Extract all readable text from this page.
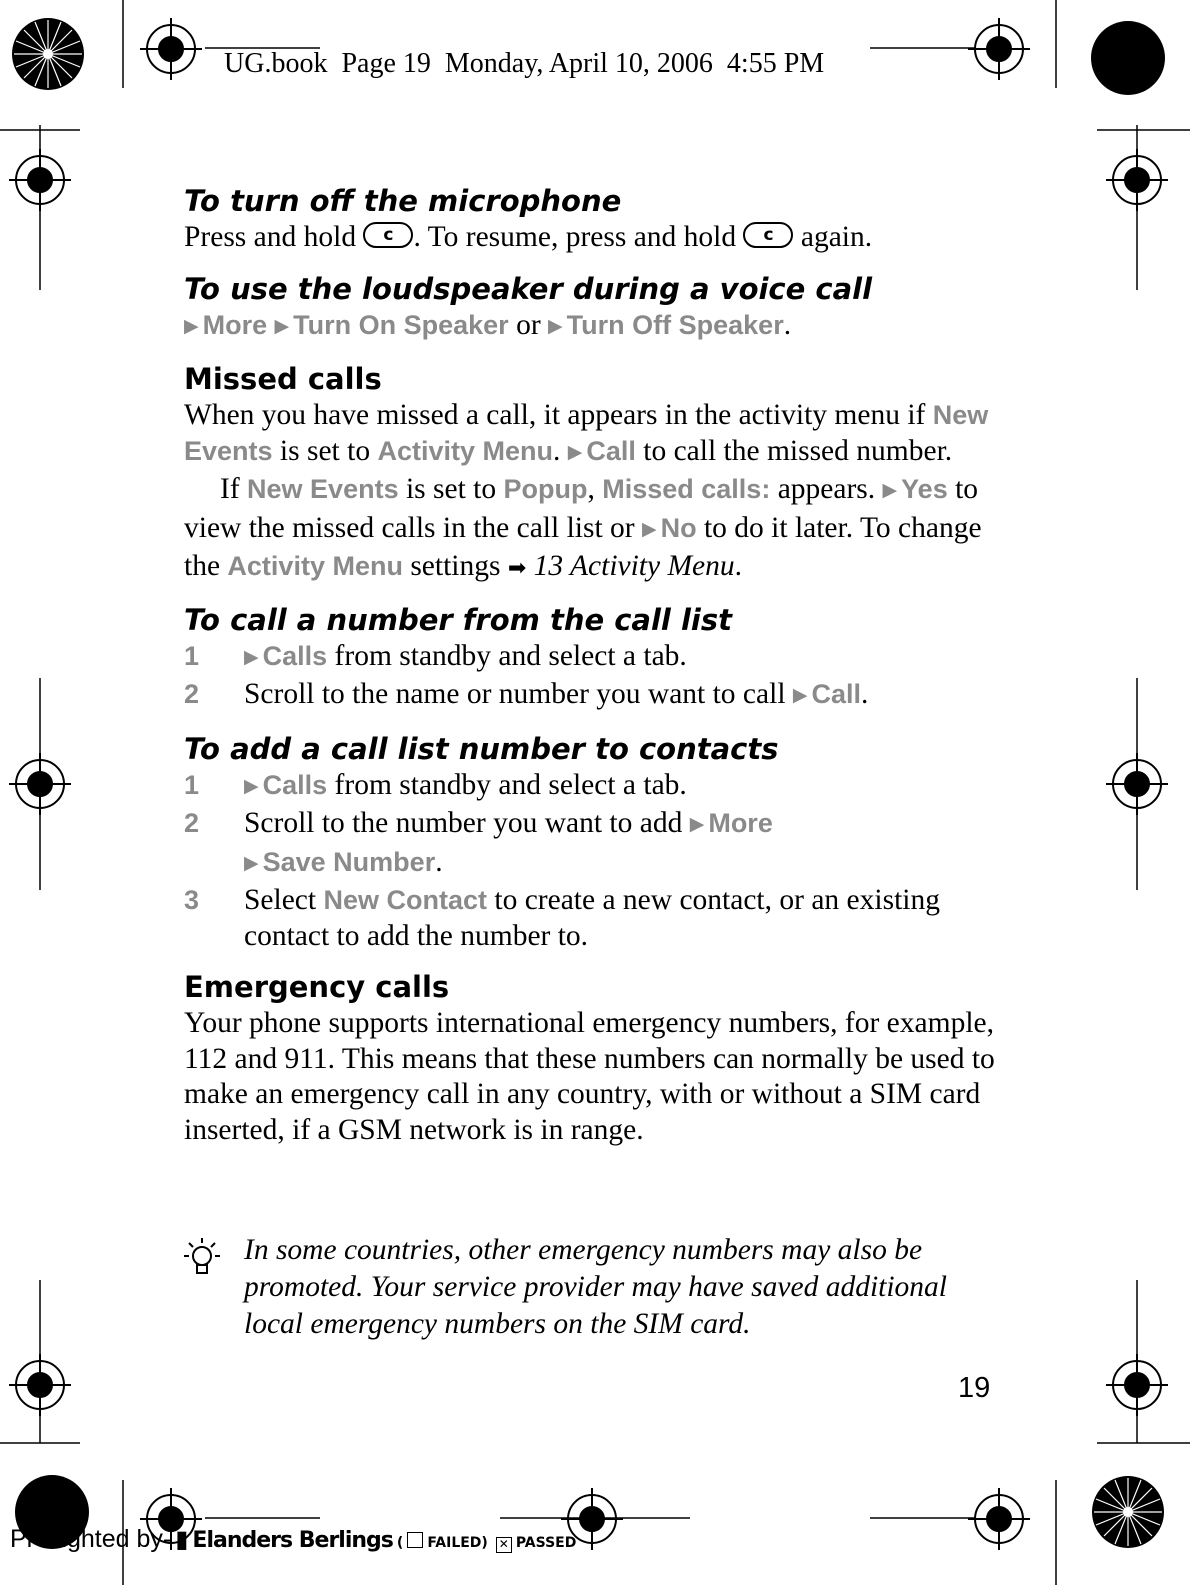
UG.book  Page 19  Monday, April 10, 2006  4:55 PM
To turn off the microphone

Press and hold	c . To resume, press and hold	c again.

To use the loudspeaker during a voice call

▶ More ▶ Turn On Speaker or ▶ Turn Off Speaker.

Missed calls

When you have missed a call, it appears in the activity menu if New Events is set to Activity Menu. ▶ Call to call the missed number.

If New Events is set to Popup, Missed calls: appears. ▶ Yes to view the missed calls in the call list or ▶ No to do it later. To change the Activity Menu settings ➡ 13 Activity Menu.

To call a number from the call list
1 ▶ Calls from standby and select a tab.
2 Scroll to the name or number you want to call ▶ Call.
To add a call list number to contacts
1 ▶ Calls from standby and select a tab.
2 Scroll to the number you want to add ▶ More
▶ Save Number.
3 Select New Contact to create a new contact, or an existing contact to add the number to.
Emergency calls

Your phone supports international emergency numbers, for example, 112 and 911. This means that these numbers can normally be used to make an emergency call in any country, with or without a SIM card inserted, if a GSM network is in range.

In some countries, other emergency numbers may also be promoted. Your service provider may have saved additional local emergency numbers on the SIM card.
19
Preflighted by- ▮ Elanders Berlings ( FAILED) ✕ PASSED
